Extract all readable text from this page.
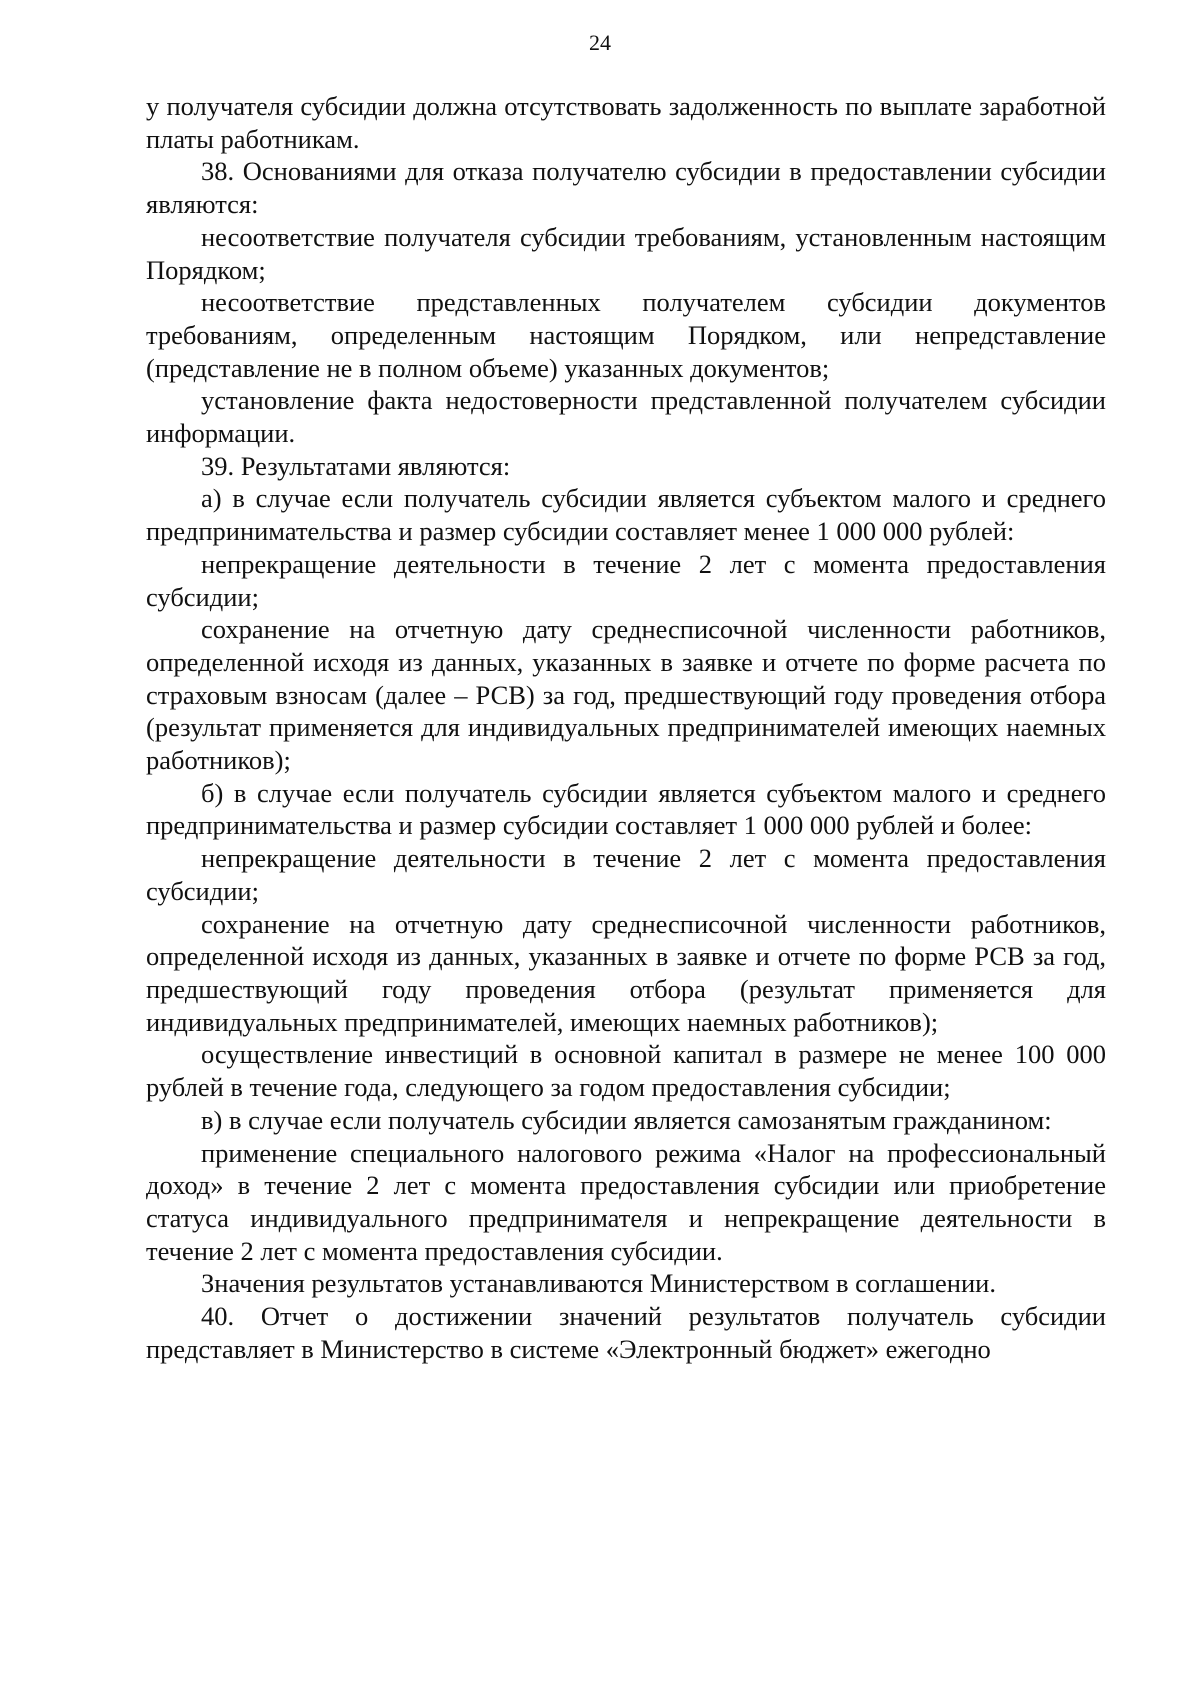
24

у получателя субсидии должна отсутствовать задолженность по выплате заработной платы работникам.

38. Основаниями для отказа получателю субсидии в предоставлении субсидии являются:

несоответствие получателя субсидии требованиям, установленным настоящим Порядком;

несоответствие представленных получателем субсидии документов требованиям, определенным настоящим Порядком, или непредставление (представление не в полном объеме) указанных документов;

установление факта недостоверности представленной получателем субсидии информации.

39. Результатами являются:

а) в случае если получатель субсидии является субъектом малого и среднего предпринимательства и размер субсидии составляет менее 1 000 000 рублей:

непрекращение деятельности в течение 2 лет с момента предоставления субсидии;

сохранение на отчетную дату среднесписочной численности работников, определенной исходя из данных, указанных в заявке и отчете по форме расчета по страховым взносам (далее – РСВ) за год, предшествующий году проведения отбора (результат применяется для индивидуальных предпринимателей имеющих наемных работников);

б) в случае если получатель субсидии является субъектом малого и среднего предпринимательства и размер субсидии составляет 1 000 000 рублей и более:

непрекращение деятельности в течение 2 лет с момента предоставления субсидии;

сохранение на отчетную дату среднесписочной численности работников, определенной исходя из данных, указанных в заявке и отчете по форме РСВ за год, предшествующий году проведения отбора (результат применяется для индивидуальных предпринимателей, имеющих наемных работников);

осуществление инвестиций в основной капитал в размере не менее 100 000 рублей в течение года, следующего за годом предоставления субсидии;

в) в случае если получатель субсидии является самозанятым гражданином:

применение специального налогового режима «Налог на профессиональный доход» в течение 2 лет с момента предоставления субсидии или приобретение статуса индивидуального предпринимателя и непрекращение деятельности в течение 2 лет с момента предоставления субсидии.

Значения результатов устанавливаются Министерством в соглашении.

40. Отчет о достижении значений результатов получатель субсидии представляет в Министерство в системе «Электронный бюджет» ежегодно
